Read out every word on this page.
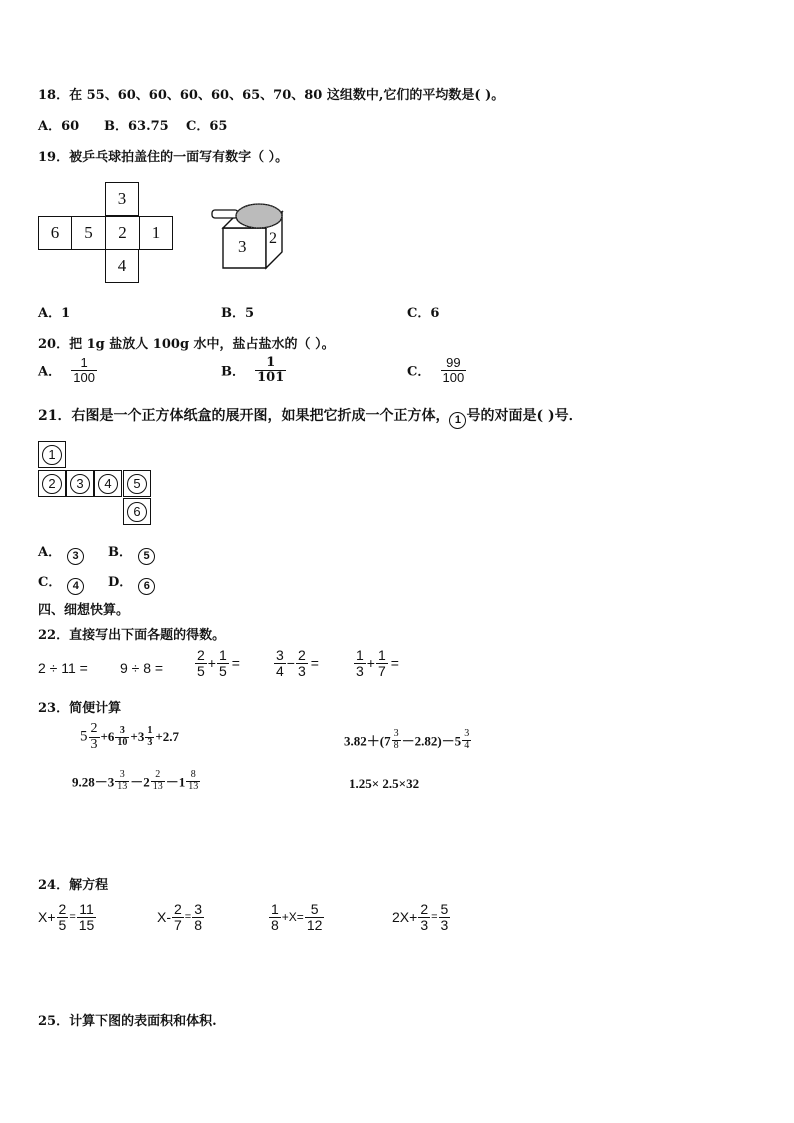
18．在 55、60、60、60、60、65、70、80 这组数中,它们的平均数是( )。
A．60 B．63.75 C．65
19．被乒乓球拍盖住的一面写有数字（ ）。
3
6	5	2	1
4
3 2
A．1	B．5	C．6
20．把 1g 盐放人 100g 水中，盐占盐水的（ ）。
A． $\frac{1}{100}$	B． $\frac{1}{101}$	C． $\frac{99}{100}$
21．右图是一个正方体纸盒的展开图，如果把它折成一个正方体， 1 号的对面是( )号．
1
2	3	4	5
6
A． 3	B． 5
C． 4	D． 6
四、细想快算。
22．直接写出下面各题的得数。
$2 \div 11 = 9 \div 8 = \frac{2}{5} + \frac{1}{5} = \frac{3}{4} - \frac{2}{3}$ =	$\frac{1}{3} + \frac{1}{7}$ =
23．简便计算
$5 \frac{2}{3} +6 \frac{3}{10} +3 \frac{1}{3} +2.7$	$3.82+(7 \frac{3}{8} -2.82)-5 \frac{3}{4}$
$9.28-3 \frac{3}{13} -2 \frac{2}{13} -1 \frac{8}{13}$	1.25× 2.5×32
24．解方程
$X+ \frac{2}{5} = \frac{11}{15}$	$X- \frac{2}{7} = \frac{3}{8}$	$\frac{1}{8} +X= \frac{5}{12}$	$2X+ \frac{2}{3} = \frac{5}{3}$
25．计算下图的表面积和体积.
